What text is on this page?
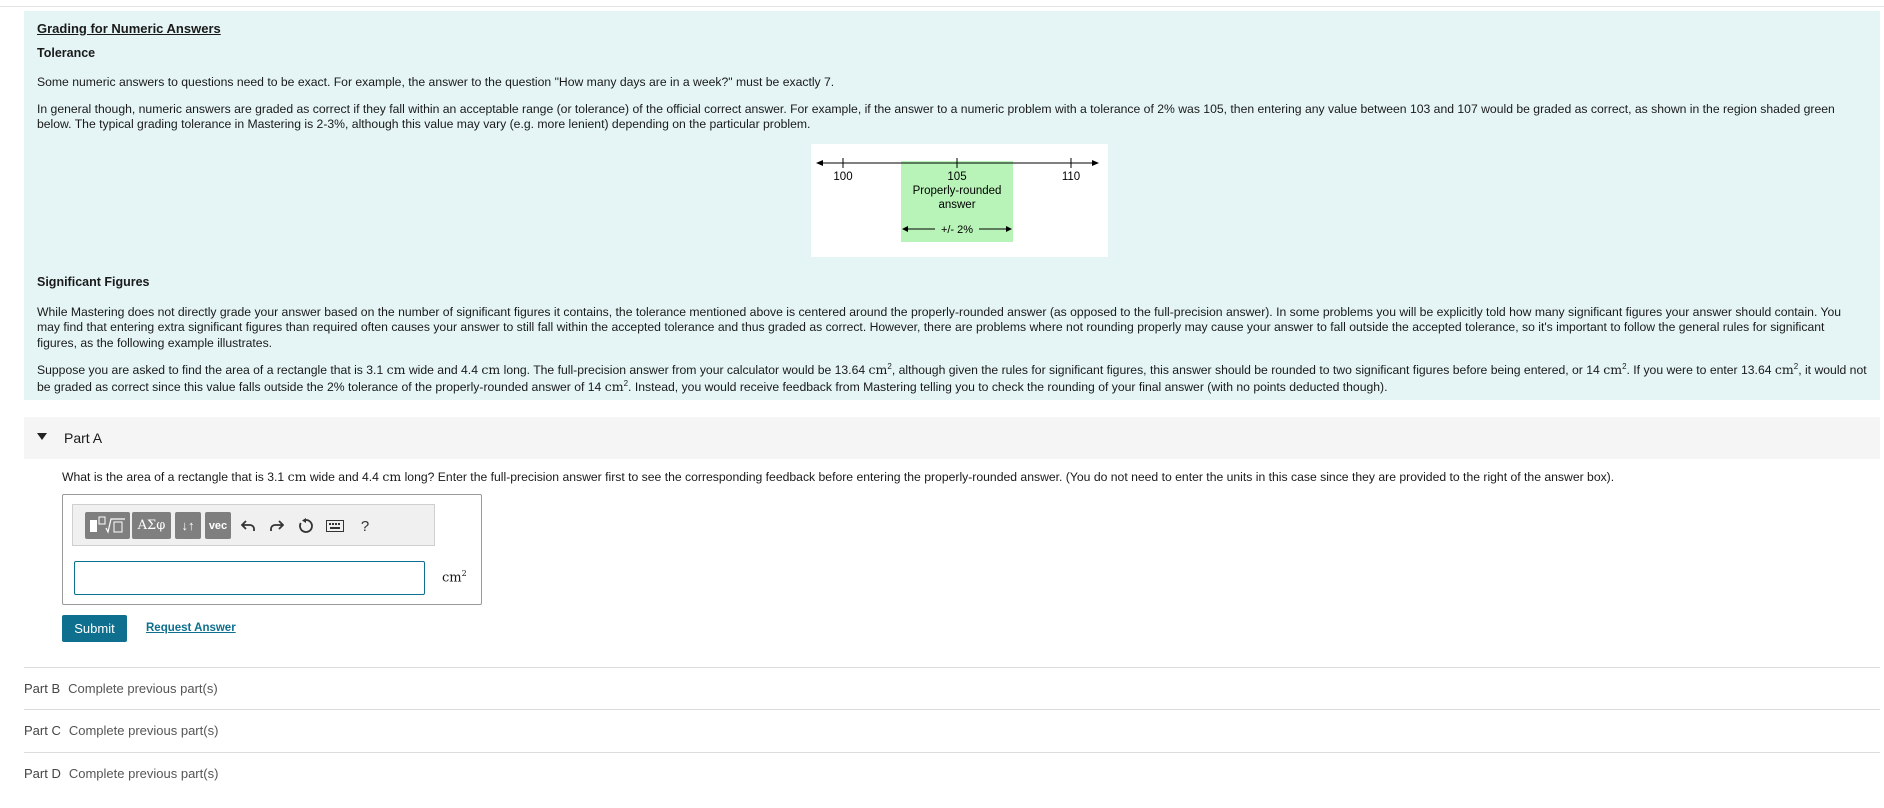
Grading for Numeric Answers
Tolerance

Some numeric answers to questions need to be exact. For example, the answer to the question "How many days are in a week?" must be exactly 7.

In general though, numeric answers are graded as correct if they fall within an acceptable range (or tolerance) of the official correct answer. For example, if the answer to a numeric problem with a tolerance of 2% was 105, then entering any value between 103 and 107 would be graded as correct, as shown in the region shaded green below. The typical grading tolerance in Mastering is 2-3%, although this value may vary (e.g. more lenient) depending on the particular problem.

100	105	110
Properly-rounded
answer
+/- 2%
Significant Figures

While Mastering does not directly grade your answer based on the number of significant figures it contains, the tolerance mentioned above is centered around the properly-rounded answer (as opposed to the full-precision answer). In some problems you will be explicitly told how many significant figures your answer should contain. You may find that entering extra significant figures than required often causes your answer to still fall within the accepted tolerance and thus graded as correct. However, there are problems where not rounding properly may cause your answer to fall outside the accepted tolerance, so it's important to follow the general rules for significant figures, as the following example illustrates.

Suppose you are asked to find the area of a rectangle that is 3.1 cm wide and 4.4 cm long. The full-precision answer from your calculator would be 13.64 $cm^2$, although given the rules for significant figures, this answer should be rounded to two significant figures before being entered, or 14 $cm^2$. If you were to enter 13.64 $cm^2$, it would not be graded as correct since this value falls outside the 2% tolerance of the properly-rounded answer of 14 $cm^2$. Instead, you would receive feedback from Mastering telling you to check the rounding of your final answer (with no points deducted though).

Part A
What is the area of a rectangle that is 3.1 cm wide and 4.4 cm long? Enter the full-precision answer first to see the corresponding feedback before entering the properly-rounded answer. (You do not need to enter the units in this case since they are provided to the right of the answer box).
ΑΣφ	↓↑	vec	?
$cm^2$
Submit	Request Answer
Part B Complete previous part(s)
Part C Complete previous part(s)
Part D Complete previous part(s)
